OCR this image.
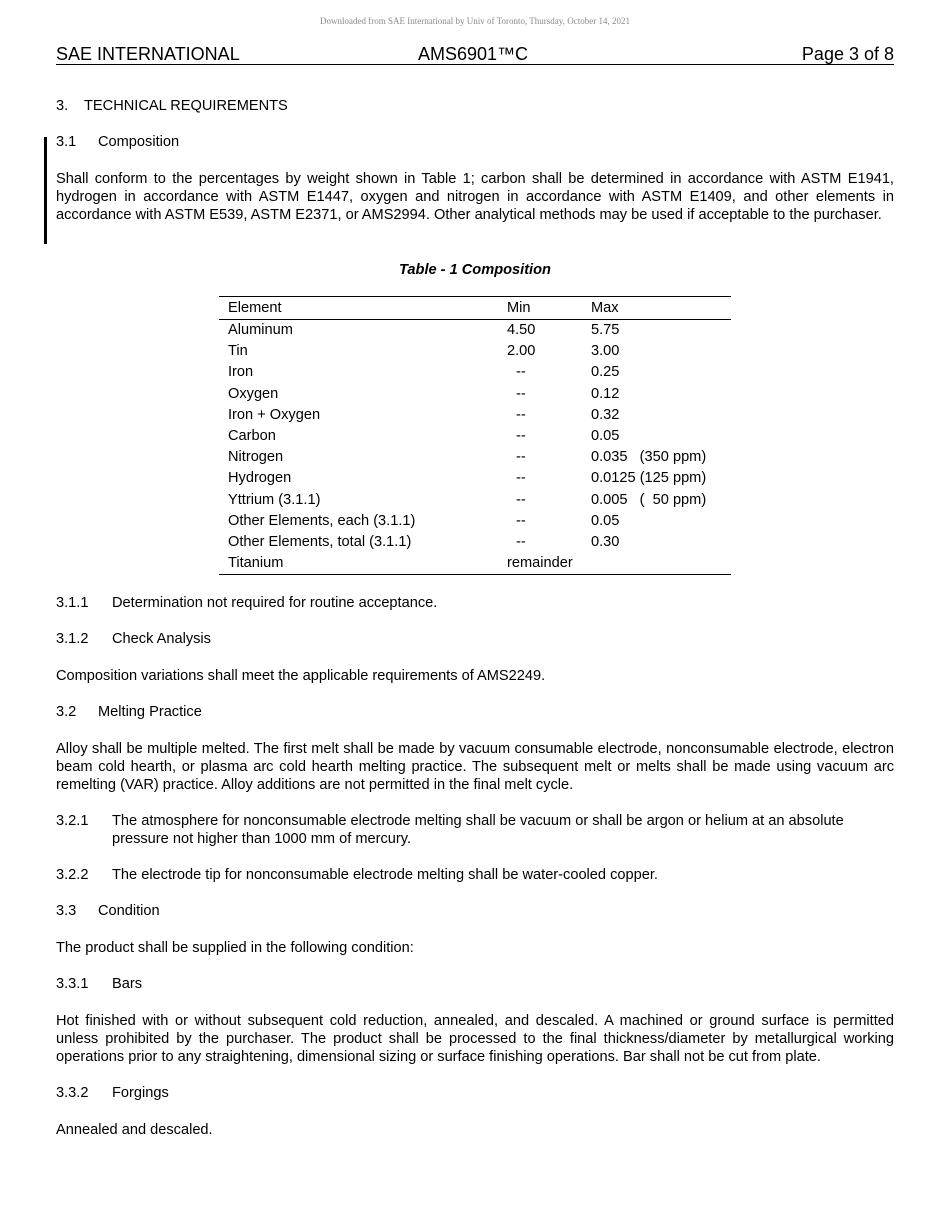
Downloaded from SAE International by Univ of Toronto, Thursday, October 14, 2021
SAE INTERNATIONAL	AMS6901™C	Page 3 of 8
3. TECHNICAL REQUIREMENTS
3.1 Composition
Shall conform to the percentages by weight shown in Table 1; carbon shall be determined in accordance with ASTM E1941, hydrogen in accordance with ASTM E1447, oxygen and nitrogen in accordance with ASTM E1409, and other elements in accordance with ASTM E539, ASTM E2371, or AMS2994. Other analytical methods may be used if acceptable to the purchaser.
Table - 1 Composition
Element	Min	Max
Aluminum	4.50	5.75
Tin	2.00	3.00
Iron	--	0.25
Oxygen	--	0.12
Iron + Oxygen	--	0.32
Carbon	--	0.05
Nitrogen	--	0.035   (350 ppm)
Hydrogen	--	0.0125 (125 ppm)
Yttrium (3.1.1)	--	0.005   (  50 ppm)
Other Elements, each (3.1.1)	--	0.05
Other Elements, total (3.1.1)	--	0.30
Titanium	remainder	
3.1.1 Determination not required for routine acceptance.
3.1.2 Check Analysis
Composition variations shall meet the applicable requirements of AMS2249.
3.2 Melting Practice
Alloy shall be multiple melted. The first melt shall be made by vacuum consumable electrode, nonconsumable electrode, electron beam cold hearth, or plasma arc cold hearth melting practice. The subsequent melt or melts shall be made using vacuum arc remelting (VAR) practice. Alloy additions are not permitted in the final melt cycle.
3.2.1 The atmosphere for nonconsumable electrode melting shall be vacuum or shall be argon or helium at an absolute pressure not higher than 1000 mm of mercury.
3.2.2 The electrode tip for nonconsumable electrode melting shall be water-cooled copper.
3.3 Condition
The product shall be supplied in the following condition:
3.3.1 Bars
Hot finished with or without subsequent cold reduction, annealed, and descaled. A machined or ground surface is permitted unless prohibited by the purchaser. The product shall be processed to the final thickness/diameter by metallurgical working operations prior to any straightening, dimensional sizing or surface finishing operations. Bar shall not be cut from plate.
3.3.2 Forgings
Annealed and descaled.
